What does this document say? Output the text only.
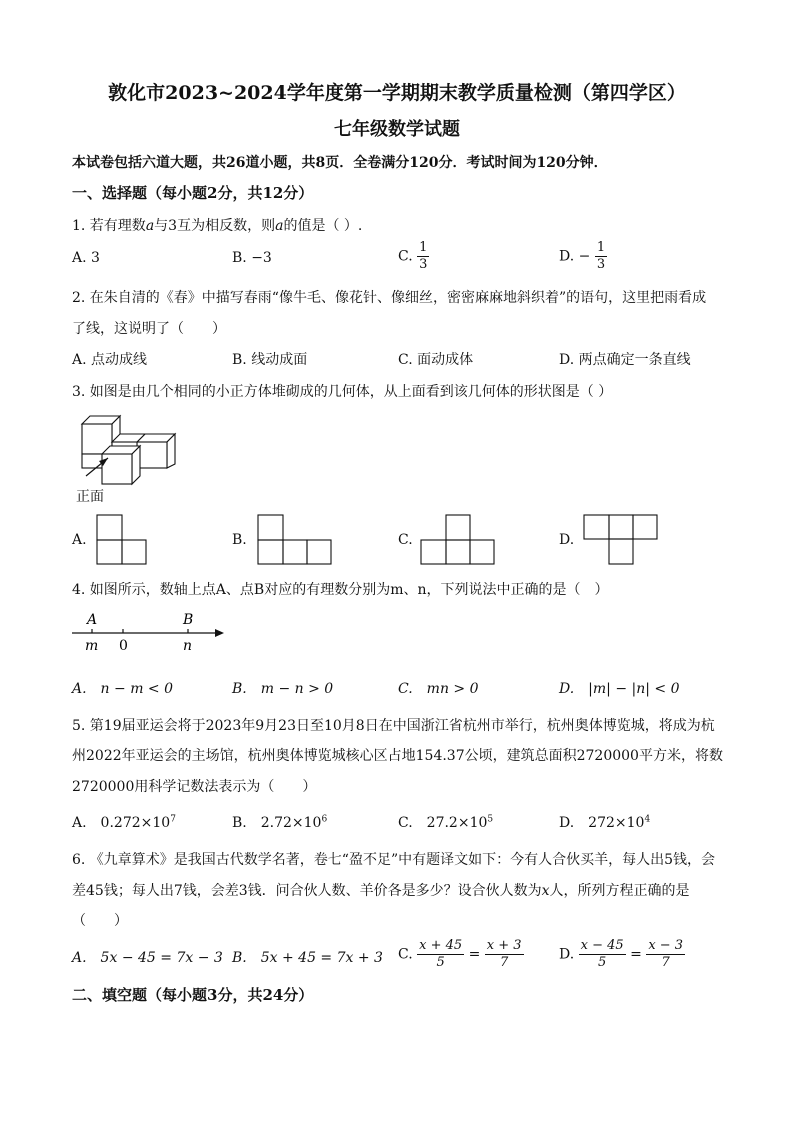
敦化市2023~2024学年度第一学期期末教学质量检测（第四学区）
七年级数学试题
本试卷包括六道大题，共26道小题，共8页．全卷满分120分．考试时间为120分钟．
一、选择题（每小题2分，共12分）
1. 若有理数a与3互为相反数，则a的值是（ ）.
A. 3	B. −3	C. $\frac{1}{3}$	D. − $\frac{1}{3}$
2. 在朱自清的《春》中描写春雨“像牛毛、像花针、像细丝，密密麻麻地斜织着”的语句，这里把雨看成
了线，这说明了（　　）
A. 点动成线	B. 线动成面	C. 面动成体	D. 两点确定一条直线
3. 如图是由几个相同的小正方体堆砌成的几何体，从上面看到该几何体的形状图是（ ）
正面
A.	B.	C.	D.
4. 如图所示，数轴上点A、点B对应的有理数分别为m、n，下列说法中正确的是（　）
A	B
m 0	n
A.　n − m < 0	B.　m − n > 0	C.　mn > 0	D.　|m| − |n| < 0
5. 第19届亚运会将于2023年9月23日至10月8日在中国浙江省杭州市举行，杭州奥体博览城，将成为杭
州2022年亚运会的主场馆，杭州奥体博览城核心区占地154.37公顷，建筑总面积2720000平方米，将数
2720000用科学记数法表示为（　　）
A.　$0.272\times 10^7$	B.　$2.72\times 10^6$	C.　$27.2\times 10^5$	D.　$272\times 10^4$
6. 《九章算术》是我国古代数学名著，卷七“盈不足”中有题译文如下：今有人合伙买羊，每人出5钱，会
差45钱；每人出7钱，会差3钱．问合伙人数、羊价各是多少？设合伙人数为x人，所列方程正确的是
（　　）
A.　5x − 45 = 7x − 3 B.　5x + 45 = 7x + 3 C. $\frac{x + 45}{5} = \frac{x + 3}{7}$	D. $\frac{x - 45}{5} = \frac{x - 3}{7}$
二、填空题（每小题3分，共24分）
